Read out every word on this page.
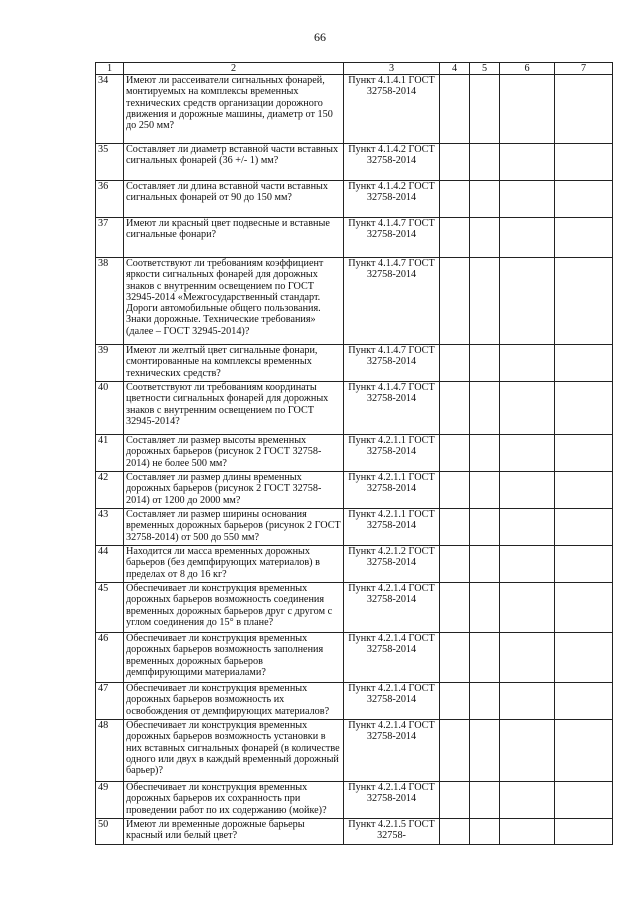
66
1	2	3	4	5	6	7
34	Имеют ли рассеиватели сигнальных фонарей, монтируемых на комплексы временных технических средств организации дорожного движения и дорожные машины, диаметр от 150 до 250 мм?	Пункт 4.1.4.1 ГОСТ 32758-2014				
35	Составляет ли диаметр вставной части вставных сигнальных фонарей (36 +/- 1) мм?	Пункт 4.1.4.2 ГОСТ 32758-2014				
36	Составляет ли длина вставной части вставных сигнальных фонарей от 90 до 150 мм?	Пункт 4.1.4.2 ГОСТ 32758-2014				
37	Имеют ли красный цвет подвесные и вставные сигнальные фонари?	Пункт 4.1.4.7 ГОСТ 32758-2014				
38	Соответствуют ли требованиям коэффициент яркости сигнальных фонарей для дорожных знаков с внутренним освещением по ГОСТ 32945-2014 «Межгосударственный стандарт. Дороги автомобильные общего пользования. Знаки дорожные. Технические требования» (далее – ГОСТ 32945-2014)?	Пункт 4.1.4.7 ГОСТ 32758-2014				
39	Имеют ли желтый цвет сигнальные фонари, смонтированные на комплексы временных технических средств?	Пункт 4.1.4.7 ГОСТ 32758-2014				
40	Соответствуют ли требованиям координаты цветности сигнальных фонарей для дорожных знаков с внутренним освещением по ГОСТ 32945-2014?	Пункт 4.1.4.7 ГОСТ 32758-2014				
41	Составляет ли размер высоты временных дорожных барьеров (рисунок 2 ГОСТ 32758-2014) не более 500 мм?	Пункт 4.2.1.1 ГОСТ 32758-2014				
42	Составляет ли размер длины временных дорожных барьеров (рисунок 2 ГОСТ 32758-2014) от 1200 до 2000 мм?	Пункт 4.2.1.1 ГОСТ 32758-2014				
43	Составляет ли размер ширины основания временных дорожных барьеров (рисунок 2 ГОСТ 32758-2014) от 500 до 550 мм?	Пункт 4.2.1.1 ГОСТ 32758-2014				
44	Находится ли масса временных дорожных барьеров (без демпфирующих материалов) в пределах от 8 до 16 кг?	Пункт 4.2.1.2 ГОСТ 32758-2014				
45	Обеспечивает ли конструкция временных дорожных барьеров возможность соединения временных дорожных барьеров друг с другом с углом соединения до 15° в плане?	Пункт 4.2.1.4 ГОСТ 32758-2014				
46	Обеспечивает ли конструкция временных дорожных барьеров возможность заполнения временных дорожных барьеров демпфирующими материалами?	Пункт 4.2.1.4 ГОСТ 32758-2014				
47	Обеспечивает ли конструкция временных дорожных барьеров возможность их освобождения от демпфирующих материалов?	Пункт 4.2.1.4 ГОСТ 32758-2014				
48	Обеспечивает ли конструкция временных дорожных барьеров возможность установки в них вставных сигнальных фонарей (в количестве одного или двух в каждый временный дорожный барьер)?	Пункт 4.2.1.4 ГОСТ 32758-2014				
49	Обеспечивает ли конструкция временных дорожных барьеров их сохранность при проведении работ по их содержанию (мойке)?	Пункт 4.2.1.4 ГОСТ 32758-2014				
50	Имеют ли временные дорожные барьеры красный или белый цвет?	Пункт 4.2.1.5 ГОСТ 32758-				
